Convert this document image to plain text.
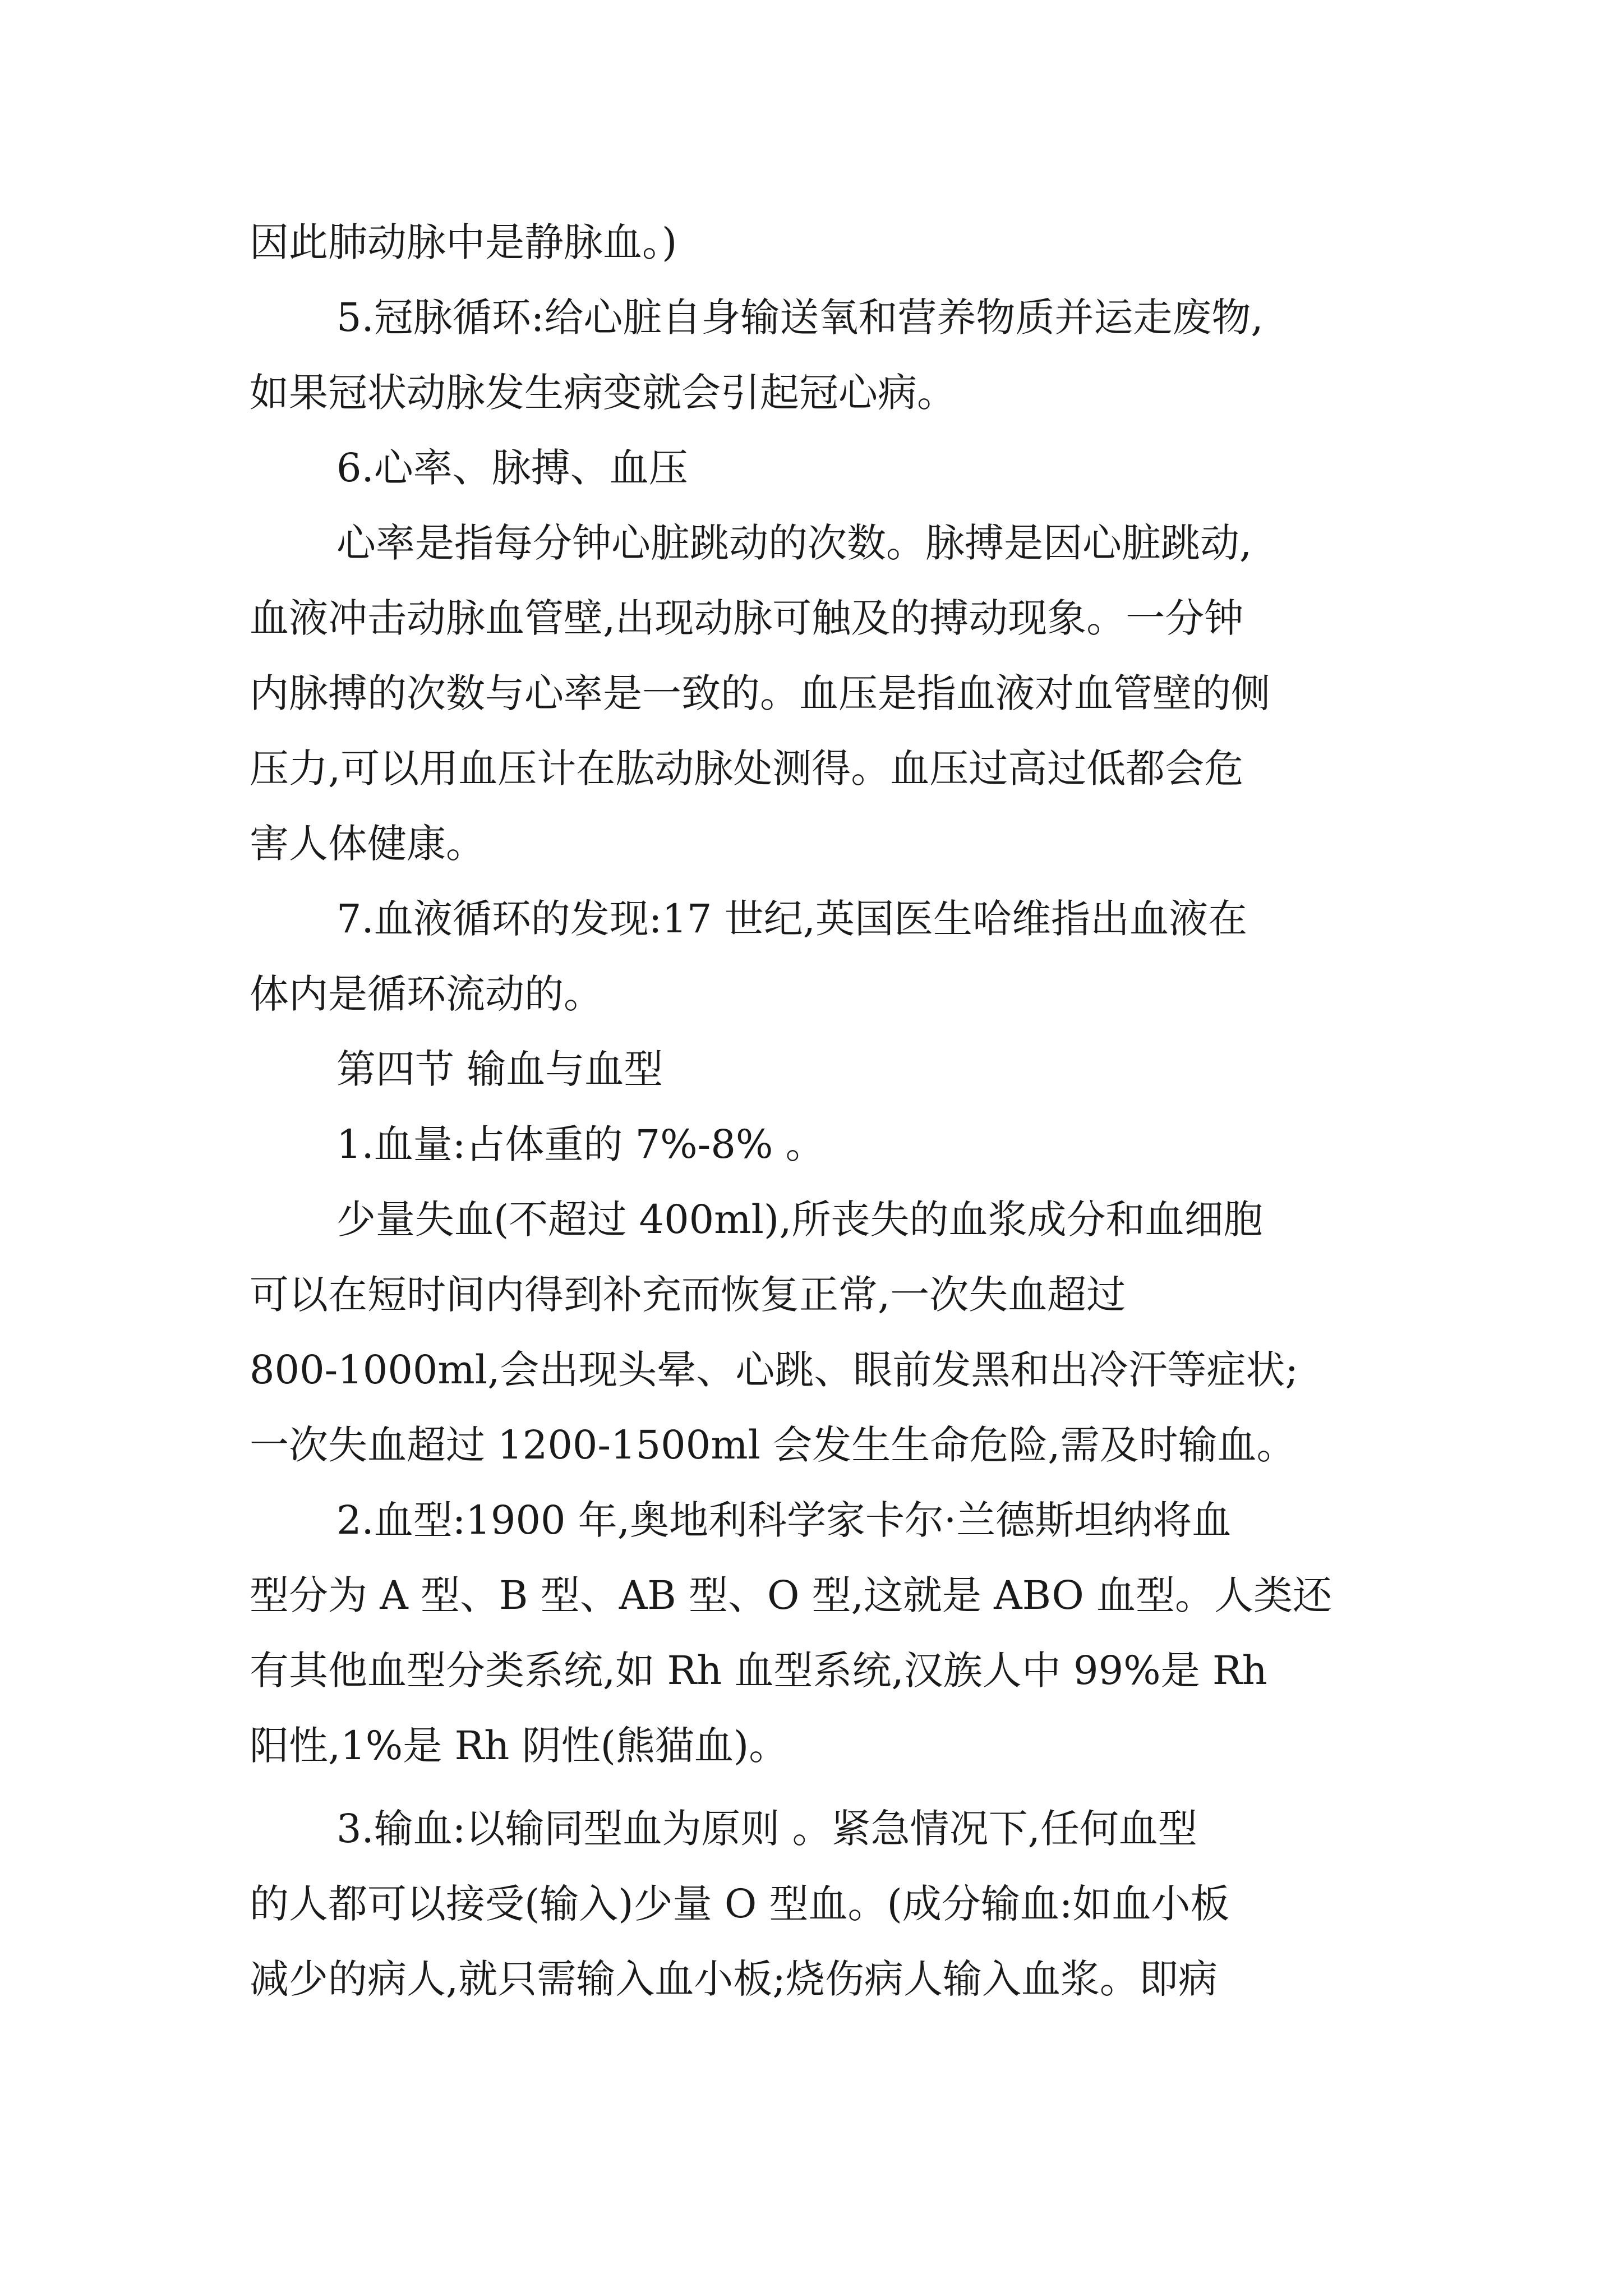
因此肺动脉中是静脉血。)
5.冠脉循环:给心脏自身输送氧和营养物质并运走废物,
如果冠状动脉发生病变就会引起冠心病。
6.心率、脉搏、血压
心率是指每分钟心脏跳动的次数。脉搏是因心脏跳动,
血液冲击动脉血管壁,出现动脉可触及的搏动现象。一分钟
内脉搏的次数与心率是一致的。血压是指血液对血管壁的侧
压力,可以用血压计在肱动脉处测得。血压过高过低都会危
害人体健康。
7.血液循环的发现:17 世纪,英国医生哈维指出血液在
体内是循环流动的。
第四节 输血与血型
1.血量:占体重的 7%-8% 。
少量失血(不超过 400ml),所丧失的血浆成分和血细胞
可以在短时间内得到补充而恢复正常,一次失血超过
800-1000ml,会出现头晕、心跳、眼前发黑和出冷汗等症状;
一次失血超过 1200-1500ml 会发生生命危险,需及时输血。
2.血型:1900 年,奥地利科学家卡尔·兰德斯坦纳将血
型分为 A 型、B 型、AB 型、O 型,这就是 ABO 血型。人类还
有其他血型分类系统,如 Rh 血型系统,汉族人中 99%是 Rh
阳性,1%是 Rh 阴性(熊猫血)。
3.输血:以输同型血为原则 。紧急情况下,任何血型
的人都可以接受(输入)少量 O 型血。(成分输血:如血小板
减少的病人,就只需输入血小板;烧伤病人输入血浆。即病
